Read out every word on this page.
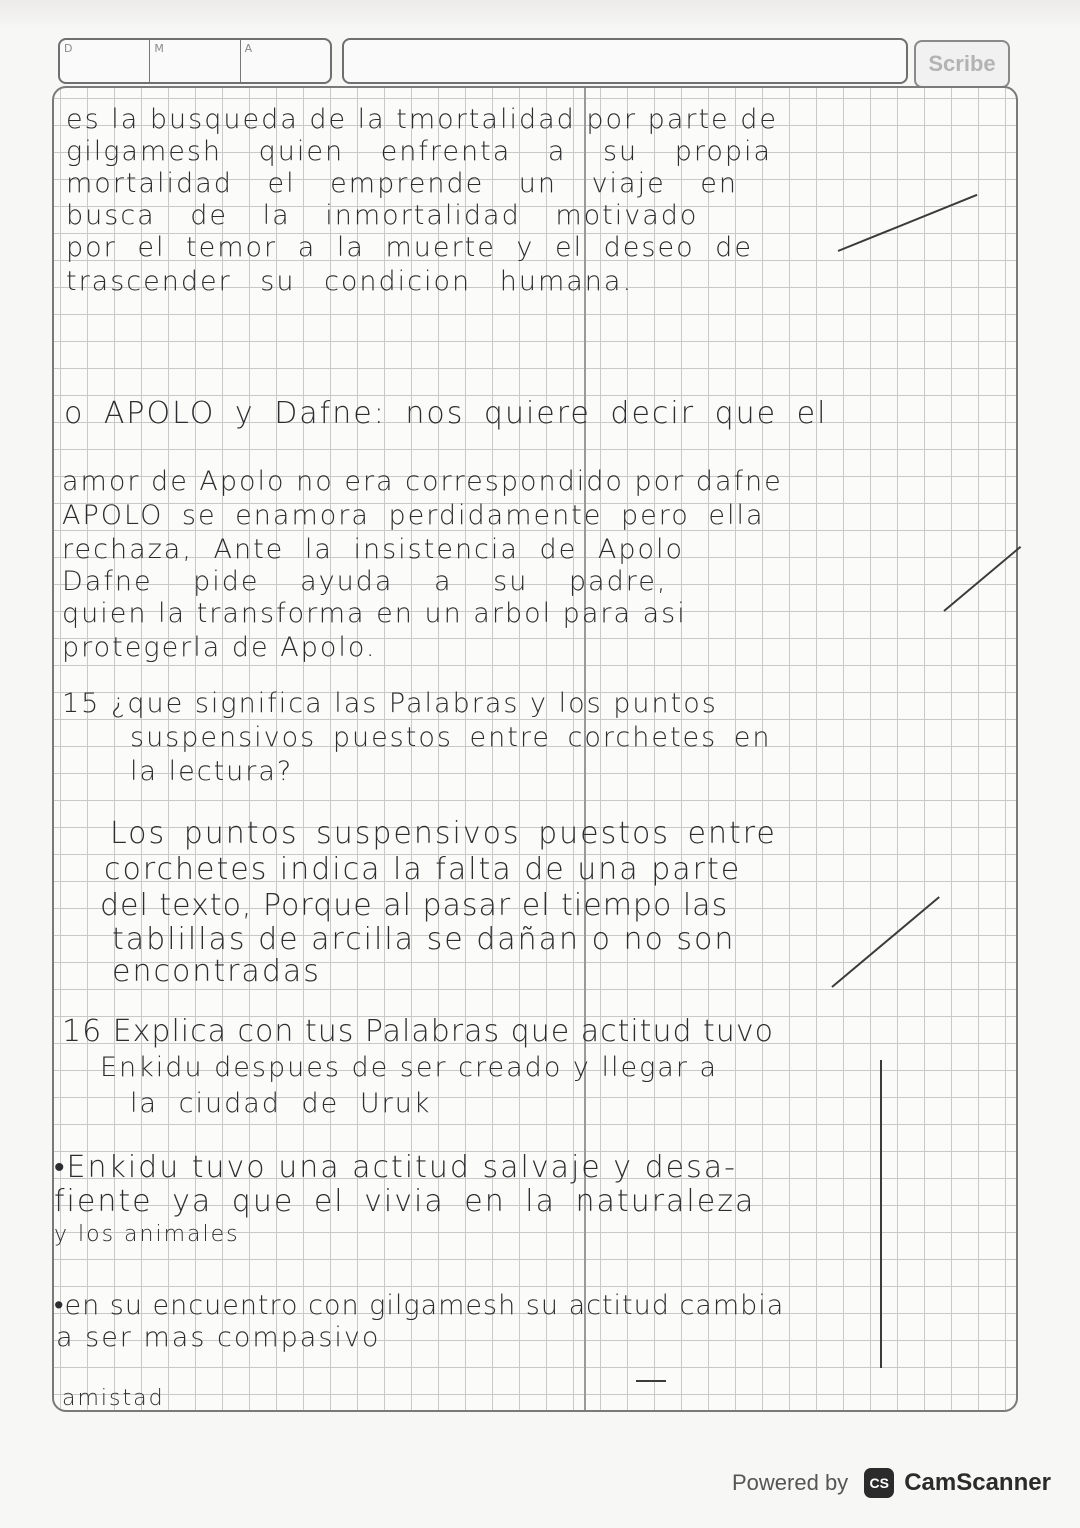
D	M	A
Scribe
es la busqueda de la tmortalidad por parte de
gilgamesh quien enfrenta a su propia
mortalidad el emprende un viaje en
busca de la inmortalidad motivado
por el temor a la muerte y el deseo de
trascender su condicion humana.
o APOLO y Dafne: nos quiere decir que el
amor de Apolo no era correspondido por dafne
APOLO se enamora perdidamente pero ella
rechaza, Ante la insistencia de Apolo
Dafne pide ayuda a su padre,
quien la transforma en un arbol para asi
protegerla de Apolo.
15 ¿que significa las Palabras y los puntos
suspensivos puestos entre corchetes en
la lectura?
Los puntos suspensivos puestos entre
corchetes indica la falta de una parte
del texto, Porque al pasar el tiempo las
tablillas de arcilla se dañan o no son
encontradas
16 Explica con tus Palabras que actitud tuvo
Enkidu despues de ser creado y llegar a
la ciudad de Uruk
•Enkidu tuvo una actitud salvaje y desa-
fiente ya que el vivia en la naturaleza
y los animales
•en su encuentro con gilgamesh su actitud cambia
a ser mas compasivo
amistad
Powered by	CS CamScanner
